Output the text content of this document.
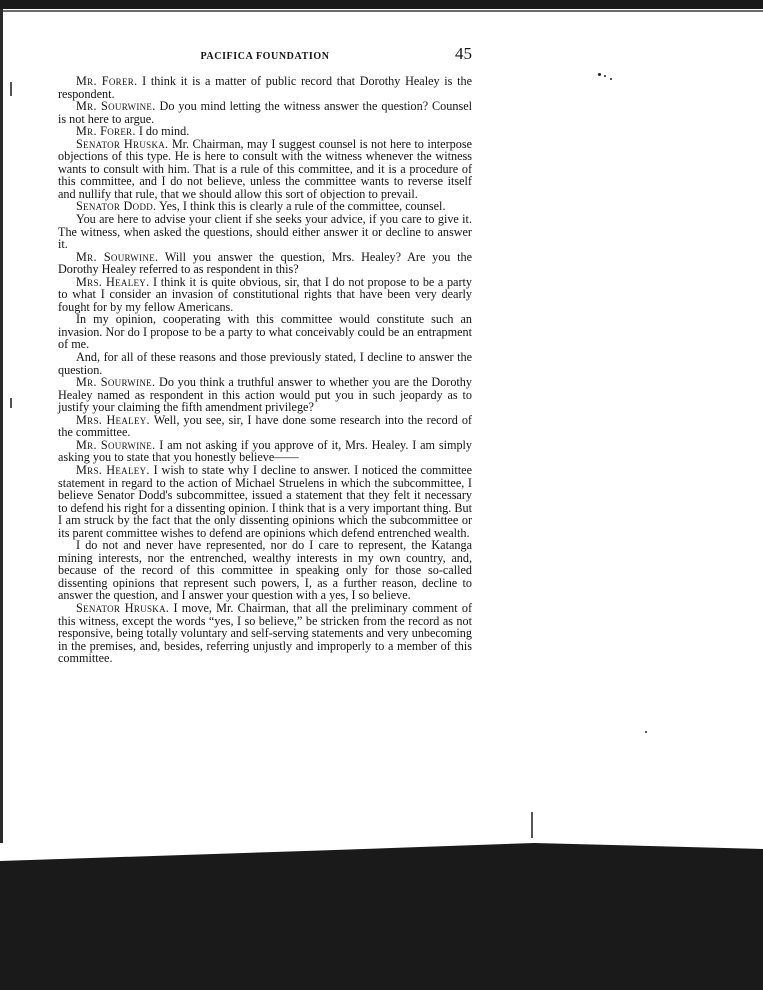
PACIFICA FOUNDATION	45

Mr. Forer. I think it is a matter of public record that Dorothy Healey is the respondent.

Mr. Sourwine. Do you mind letting the witness answer the question? Counsel is not here to argue.

Mr. Forer. I do mind.

Senator Hruska. Mr. Chairman, may I suggest counsel is not here to interpose objections of this type. He is here to consult with the witness whenever the witness wants to consult with him. That is a rule of this committee, and it is a procedure of this committee, and I do not believe, unless the committee wants to reverse itself and nullify that rule, that we should allow this sort of objection to prevail.

Senator Dodd. Yes, I think this is clearly a rule of the committee, counsel.

You are here to advise your client if she seeks your advice, if you care to give it. The witness, when asked the questions, should either answer it or decline to answer it.

Mr. Sourwine. Will you answer the question, Mrs. Healey? Are you the Dorothy Healey referred to as respondent in this?

Mrs. Healey. I think it is quite obvious, sir, that I do not propose to be a party to what I consider an invasion of constitutional rights that have been very dearly fought for by my fellow Americans.

In my opinion, cooperating with this committee would constitute such an invasion. Nor do I propose to be a party to what conceivably could be an entrapment of me.

And, for all of these reasons and those previously stated, I decline to answer the question.

Mr. Sourwine. Do you think a truthful answer to whether you are the Dorothy Healey named as respondent in this action would put you in such jeopardy as to justify your claiming the fifth amendment privilege?

Mrs. Healey. Well, you see, sir, I have done some research into the record of the committee.

Mr. Sourwine. I am not asking if you approve of it, Mrs. Healey. I am simply asking you to state that you honestly believe——

Mrs. Healey. I wish to state why I decline to answer. I noticed the committee statement in regard to the action of Michael Struelens in which the subcommittee, I believe Senator Dodd's subcommittee, issued a statement that they felt it necessary to defend his right for a dissenting opinion. I think that is a very important thing. But I am struck by the fact that the only dissenting opinions which the subcommittee or its parent committee wishes to defend are opinions which defend entrenched wealth.

I do not and never have represented, nor do I care to represent, the Katanga mining interests, nor the entrenched, wealthy interests in my own country, and, because of the record of this committee in speaking only for those so-called dissenting opinions that represent such powers, I, as a further reason, decline to answer the question, and I answer your question with a yes, I so believe.

Senator Hruska. I move, Mr. Chairman, that all the preliminary comment of this witness, except the words “yes, I so believe,” be stricken from the record as not responsive, being totally voluntary and self-serving statements and very unbecoming in the premises, and, besides, referring unjustly and improperly to a member of this committee.
